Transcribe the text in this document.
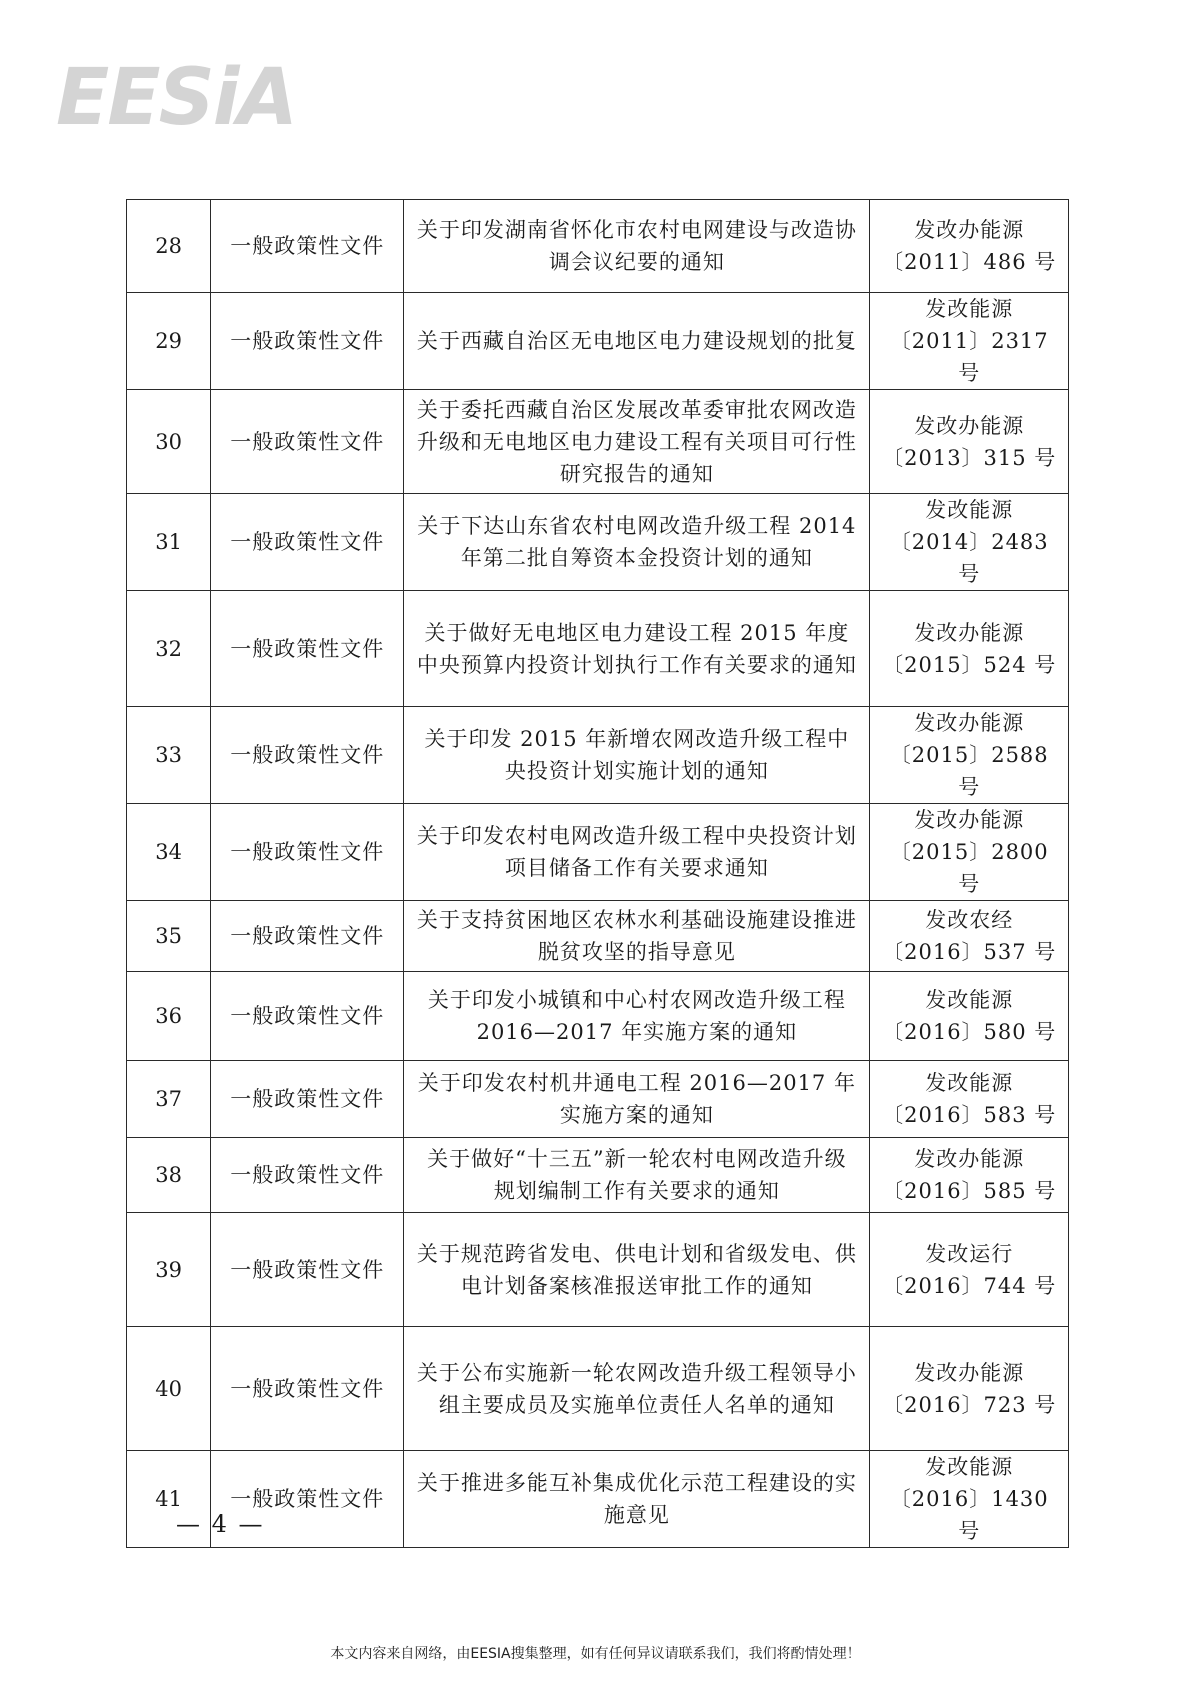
EESiA
28	一般政策性文件	关于印发湖南省怀化市农村电网建设与改造协调会议纪要的通知	发改办能源
〔2011〕486 号

29	一般政策性文件	关于西藏自治区无电地区电力建设规划的批复	发改能源
〔2011〕2317 号

30	一般政策性文件	关于委托西藏自治区发展改革委审批农网改造升级和无电地区电力建设工程有关项目可行性研究报告的通知	发改办能源
〔2013〕315 号

31	一般政策性文件	关于下达山东省农村电网改造升级工程 2014 年第二批自筹资本金投资计划的通知	发改能源
〔2014〕2483 号

32	一般政策性文件	关于做好无电地区电力建设工程 2015 年度中央预算内投资计划执行工作有关要求的通知	发改办能源
〔2015〕524 号

33	一般政策性文件	关于印发 2015 年新增农网改造升级工程中央投资计划实施计划的通知	发改办能源
〔2015〕2588 号

34	一般政策性文件	关于印发农村电网改造升级工程中央投资计划项目储备工作有关要求通知	发改办能源
〔2015〕2800 号

35	一般政策性文件	关于支持贫困地区农林水利基础设施建设推进脱贫攻坚的指导意见	发改农经
〔2016〕537 号

36	一般政策性文件	关于印发小城镇和中心村农网改造升级工程 2016—2017 年实施方案的通知	发改能源
〔2016〕580 号

37	一般政策性文件	关于印发农村机井通电工程 2016—2017 年实施方案的通知	发改能源
〔2016〕583 号

38	一般政策性文件	关于做好“十三五”新一轮农村电网改造升级规划编制工作有关要求的通知	发改办能源
〔2016〕585 号

39	一般政策性文件	关于规范跨省发电、供电计划和省级发电、供电计划备案核准报送审批工作的通知	发改运行
〔2016〕744 号

40	一般政策性文件	关于公布实施新一轮农网改造升级工程领导小组主要成员及实施单位责任人名单的通知	发改办能源
〔2016〕723 号

41	一般政策性文件	关于推进多能互补集成优化示范工程建设的实施意见	发改能源
〔2016〕1430 号
— 4 —
本文内容来自网络，由EESIA搜集整理，如有任何异议请联系我们，我们将酌情处理！
